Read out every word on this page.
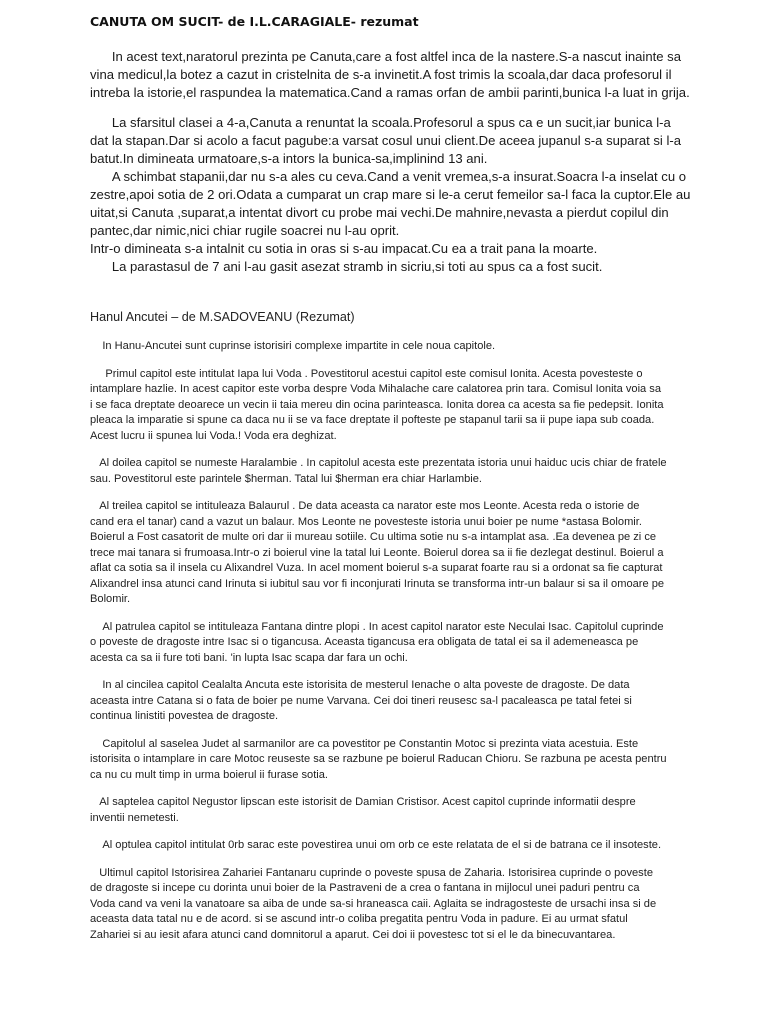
CANUTA OM SUCIT- de I.L.CARAGIALE- rezumat

In acest text,naratorul prezinta pe Canuta,care a fost altfel inca de la nastere.S-a nascut inainte sa
vina medicul,la botez a cazut in cristelnita de s-a invinetit.A fost trimis la scoala,dar daca profesorul il
intreba la istorie,el raspundea la matematica.Cand a ramas orfan de ambii parinti,bunica l-a luat in grija.

La sfarsitul clasei a 4-a,Canuta a renuntat la scoala.Profesorul a spus ca e un sucit,iar bunica l-a
dat la stapan.Dar si acolo a facut pagube:a varsat cosul unui client.De aceea jupanul s-a suparat si l-a
batut.In dimineata urmatoare,s-a intors la bunica-sa,implinind 13 ani.
A schimbat stapanii,dar nu s-a ales cu ceva.Cand a venit vremea,s-a insurat.Soacra l-a inselat cu o
zestre,apoi sotia de 2 ori.Odata a cumparat un crap mare si le-a cerut femeilor sa-l faca la cuptor.Ele au
uitat,si Canuta ,suparat,a intentat divort cu probe mai vechi.De mahnire,nevasta a pierdut copilul din
pantec,dar nimic,nici chiar rugile soacrei nu l-au oprit.
Intr-o dimineata s-a intalnit cu sotia in oras si s-au impacat.Cu ea a trait pana la moarte.
La parastasul de 7 ani l-au gasit asezat stramb in sicriu,si toti au spus ca a fost sucit.

Hanul Ancutei – de M.SADOVEANU (Rezumat)

In Hanu-Ancutei sunt cuprinse istorisiri complexe impartite in cele noua capitole.

Primul capitol este intitulat Iapa lui Voda . Povestitorul acestui capitol este comisul Ionita. Acesta povesteste o
intamplare hazlie. In acest capitor este vorba despre Voda Mihalache care calatorea prin tara. Comisul Ionita voia sa
i se faca dreptate deoarece un vecin ii taia mereu din ocina parinteasca. Ionita dorea ca acesta sa fie pedepsit. Ionita
pleaca la imparatie si spune ca daca nu ii se va face dreptate il pofteste pe stapanul tarii sa ii pupe iapa sub coada.
Acest lucru ii spunea lui Voda.! Voda era deghizat.

Al doilea capitol se numeste Haralambie . In capitolul acesta este prezentata istoria unui haiduc ucis chiar de fratele
sau. Povestitorul este parintele $herman. Tatal lui $herman era chiar Harlambie.

Al treilea capitol se intituleaza Balaurul . De data aceasta ca narator este mos Leonte. Acesta reda o istorie de
cand era el tanar) cand a vazut un balaur. Mos Leonte ne povesteste istoria unui boier pe nume *astasa Bolomir.
Boierul a Fost casatorit de multe ori dar ii mureau sotiile. Cu ultima sotie nu s-a intamplat asa. .Ea devenea pe zi ce
trece mai tanara si frumoasa.Intr-o zi boierul vine la tatal lui Leonte. Boierul dorea sa ii fie dezlegat destinul. Boierul a
aflat ca sotia sa il insela cu Alixandrel Vuza. In acel moment boierul s-a suparat foarte rau si a ordonat sa fie capturat
Alixandrel insa atunci cand Irinuta si iubitul sau vor fi inconjurati Irinuta se transforma intr-un balaur si sa il omoare pe
Bolomir.

Al patrulea capitol se intituleaza Fantana dintre plopi . In acest capitol narator este Neculai Isac. Capitolul cuprinde
o poveste de dragoste intre Isac si o tigancusa. Aceasta tigancusa era obligata de tatal ei sa il ademeneasca pe
acesta ca sa ii fure toti bani. 'in lupta Isac scapa dar fara un ochi.

In al cincilea capitol Cealalta Ancuta este istorisita de mesterul Ienache o alta poveste de dragoste. De data
aceasta intre Catana si o fata de boier pe nume Varvana. Cei doi tineri reusesc sa-l pacaleasca pe tatal fetei si
continua linistiti povestea de dragoste.

Capitolul al saselea Judet al sarmanilor are ca povestitor pe Constantin Motoc si prezinta viata acestuia. Este
istorisita o intamplare in care Motoc reuseste sa se razbune pe boierul Raducan Chioru. Se razbuna pe acesta pentru
ca nu cu mult timp in urma boierul ii furase sotia.

Al saptelea capitol Negustor lipscan este istorisit de Damian Cristisor. Acest capitol cuprinde informatii despre
inventii nemetesti.

Al optulea capitol intitulat 0rb sarac este povestirea unui om orb ce este relatata de el si de batrana ce il insoteste.

Ultimul capitol Istorisirea Zahariei Fantanaru cuprinde o poveste spusa de Zaharia. Istorisirea cuprinde o poveste
de dragoste si incepe cu dorinta unui boier de la Pastraveni de a crea o fantana in mijlocul unei paduri pentru ca
Voda cand va veni la vanatoare sa aiba de unde sa-si hraneasca caii. Aglaita se indragosteste de ursachi insa si de
aceasta data tatal nu e de acord. si se ascund intr-o coliba pregatita pentru Voda in padure. Ei au urmat sfatul
Zahariei si au iesit afara atunci cand domnitorul a aparut. Cei doi ii povestesc tot si el le da binecuvantarea.
